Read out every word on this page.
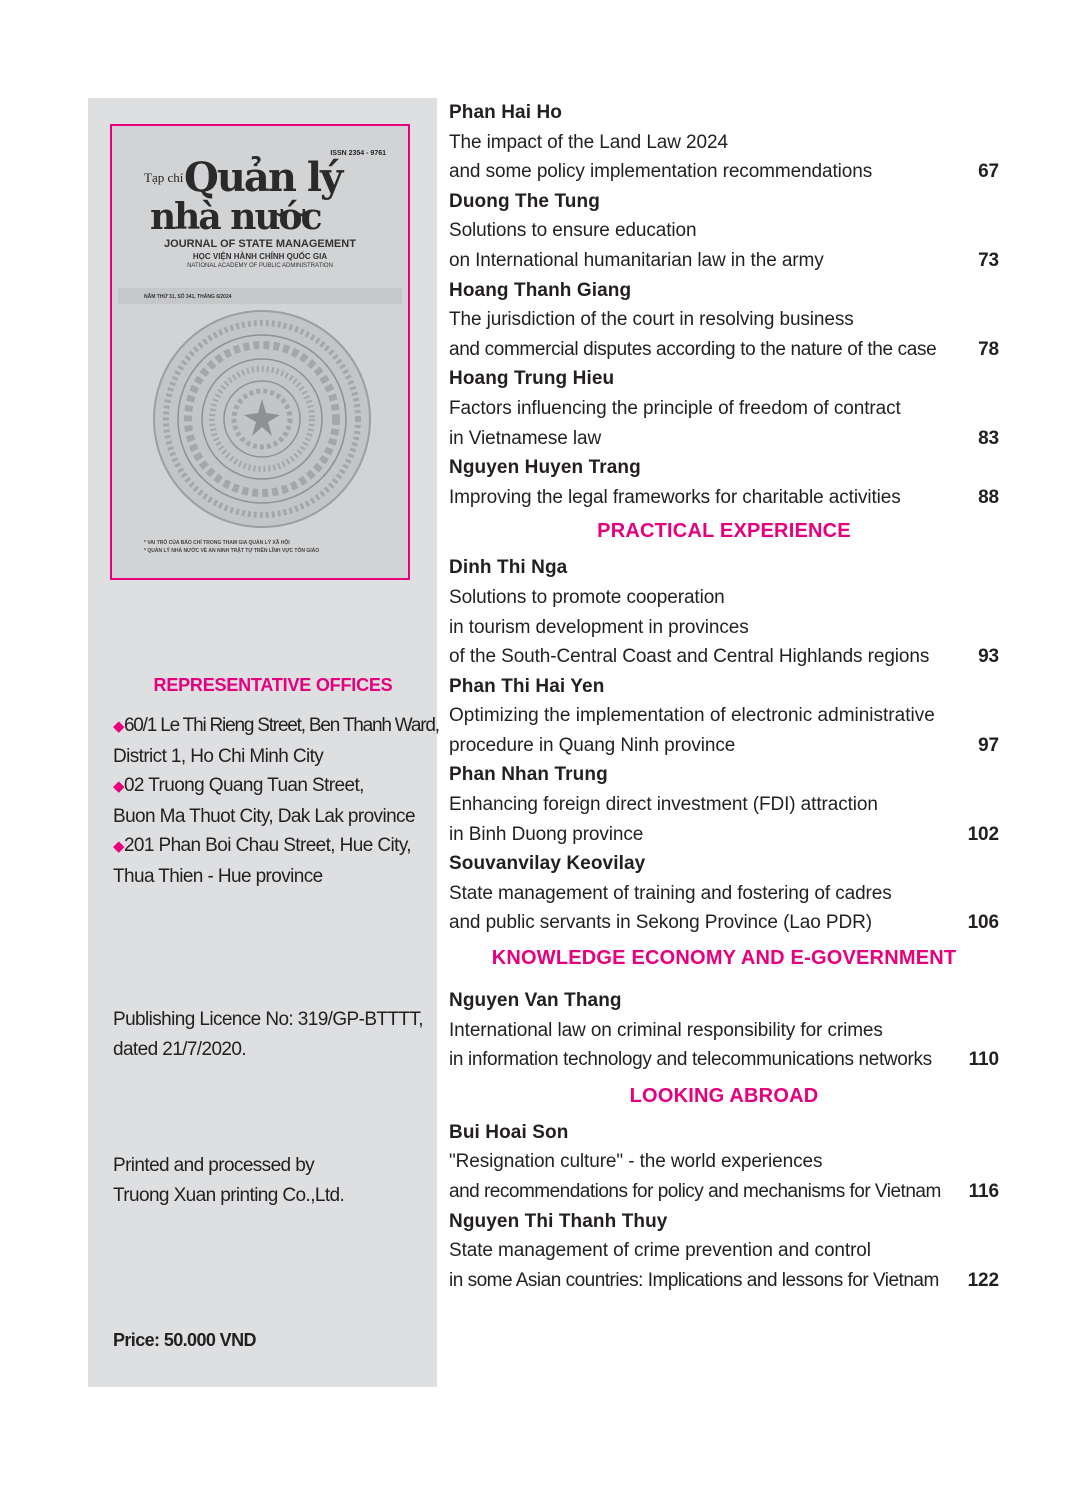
ISSN 2354 - 9761
Tạp chí Quản lý
nhà nước
JOURNAL OF STATE MANAGEMENT
HỌC VIỆN HÀNH CHÍNH QUỐC GIA
NATIONAL ACADEMY OF PUBLIC ADMINISTRATION
NĂM THỨ 31, SỐ 341, THÁNG 6/2024
* VAI TRÒ CỦA BÁO CHÍ TRONG THAM GIA QUẢN LÝ XÃ HỘI
* QUẢN LÝ NHÀ NƯỚC VỀ AN NINH TRẬT TỰ TRÊN LĨNH VỰC TÔN GIÁO
REPRESENTATIVE OFFICES
◆60/1 Le Thi Rieng Street, Ben Thanh Ward,
District 1, Ho Chi Minh City
◆02 Truong Quang Tuan Street,
Buon Ma Thuot City, Dak Lak province
◆201 Phan Boi Chau Street, Hue City,
Thua Thien - Hue province
Publishing Licence No: 319/GP-BTTTT,
dated 21/7/2020.
Printed and processed by
Truong Xuan printing Co.,Ltd.
Price: 50.000 VND
Phan Hai Ho
The impact of the Land Law 2024
and some policy implementation recommendations	67
Duong The Tung
Solutions to ensure education
on International humanitarian law in the army	73
Hoang Thanh Giang
The jurisdiction of the court in resolving business
and commercial disputes according to the nature of the case 78
Hoang Trung Hieu
Factors influencing the principle of freedom of contract
in Vietnamese law	83
Nguyen Huyen Trang
Improving the legal frameworks for charitable activities	88
PRACTICAL EXPERIENCE
Dinh Thi Nga
Solutions to promote cooperation
in tourism development in provinces
of the South-Central Coast and Central Highlands regions	93
Phan Thi Hai Yen
Optimizing the implementation of electronic administrative
procedure in Quang Ninh province	97
Phan Nhan Trung
Enhancing foreign direct investment (FDI) attraction
in Binh Duong province	102
Souvanvilay Keovilay
State management of training and fostering of cadres
and public servants in Sekong Province (Lao PDR)	106
KNOWLEDGE ECONOMY AND E-GOVERNMENT
Nguyen Van Thang
International law on criminal responsibility for crimes
in information technology and telecommunications networks 110
LOOKING ABROAD
Bui Hoai Son
"Resignation culture" - the world experiences
and recommendations for policy and mechanisms for Vietnam 116
Nguyen Thi Thanh Thuy
State management of crime prevention and control
in some Asian countries: Implications and lessons for Vietnam 122
